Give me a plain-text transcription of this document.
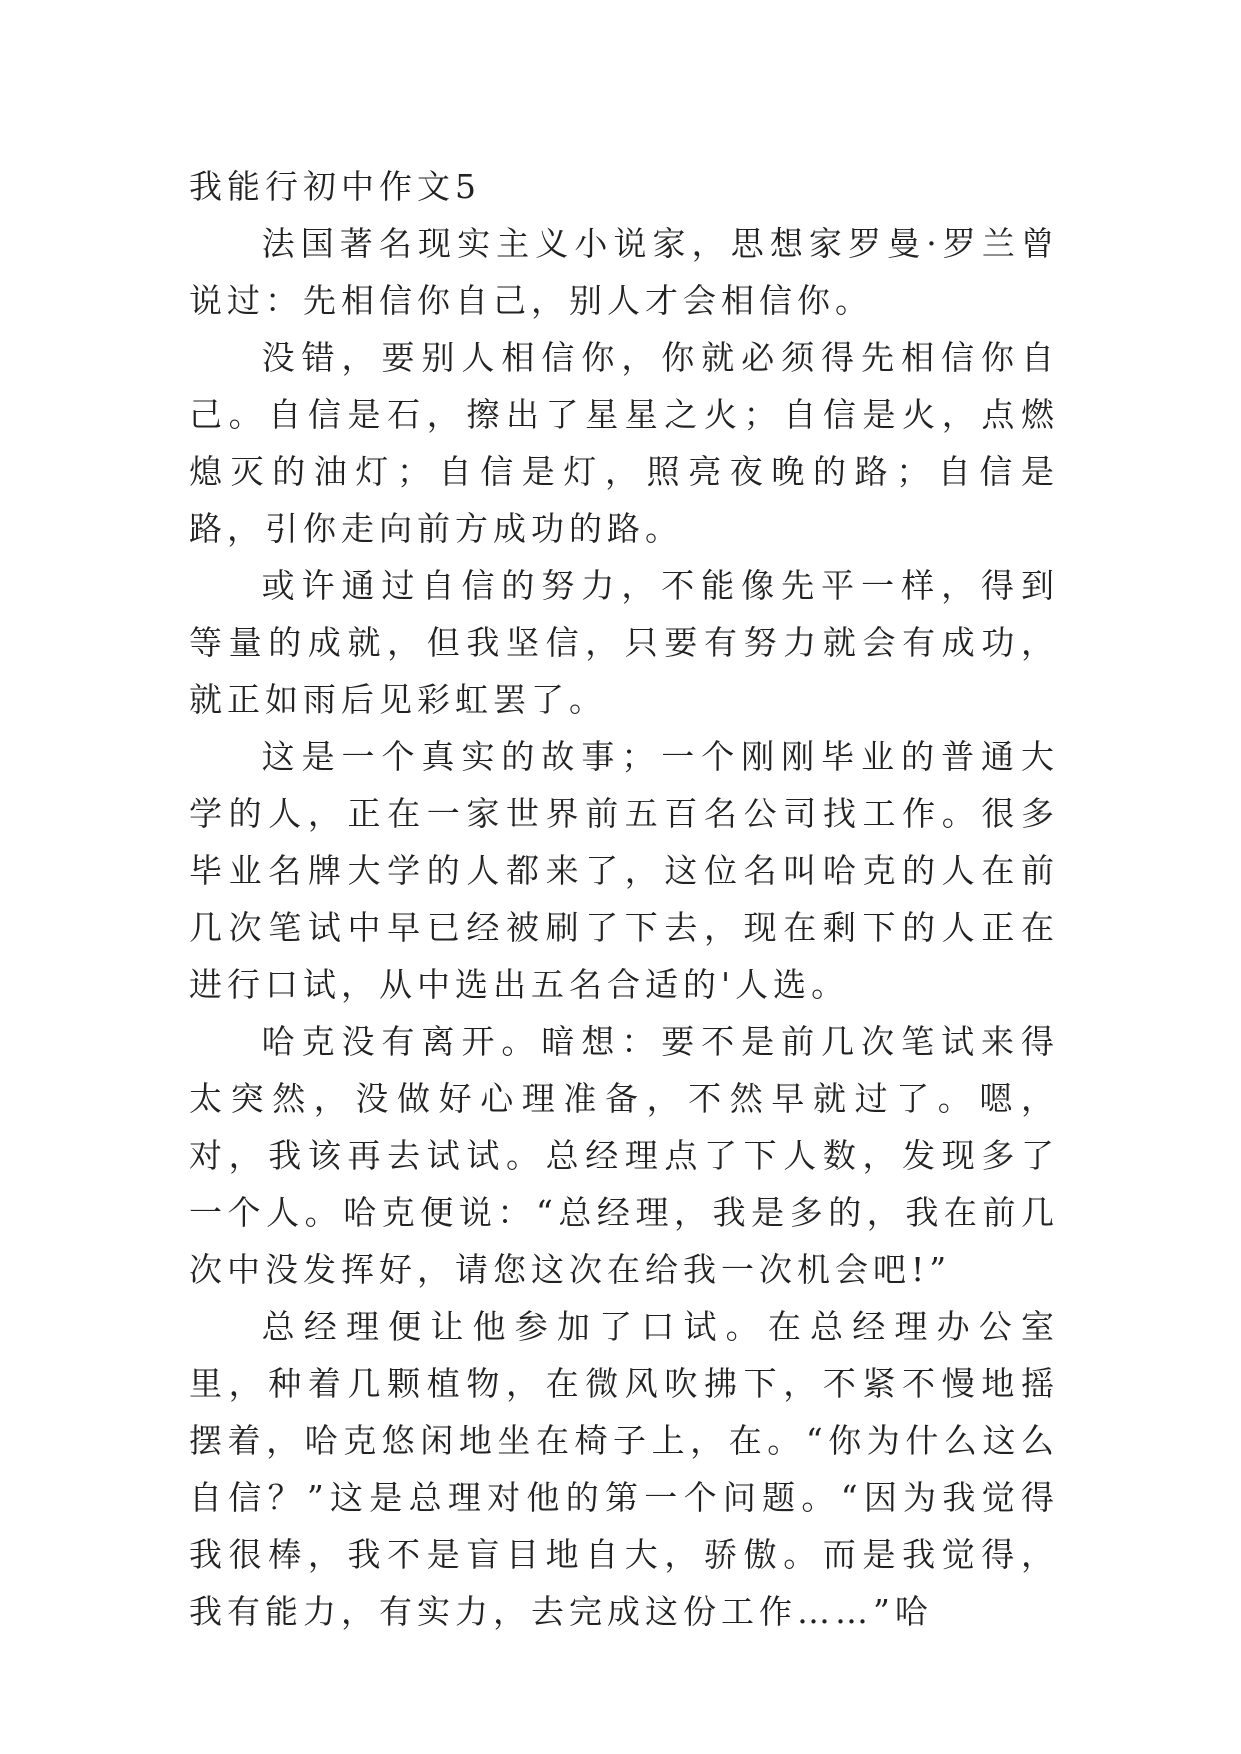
我能行初中作文5

法国著名现实主义小说家，思想家罗曼·罗兰曾说过：先相信你自己，别人才会相信你。

没错，要别人相信你，你就必须得先相信你自己。自信是石，擦出了星星之火；自信是火，点燃熄灭的油灯；自信是灯，照亮夜晚的路；自信是路，引你走向前方成功的路。

或许通过自信的努力，不能像先平一样，得到等量的成就，但我坚信，只要有努力就会有成功，就正如雨后见彩虹罢了。

这是一个真实的故事；一个刚刚毕业的普通大学的人，正在一家世界前五百名公司找工作。很多毕业名牌大学的人都来了，这位名叫哈克的人在前几次笔试中早已经被刷了下去，现在剩下的人正在进行口试，从中选出五名合适的'人选。

哈克没有离开。暗想：要不是前几次笔试来得太突然，没做好心理准备，不然早就过了。嗯，对，我该再去试试。总经理点了下人数，发现多了一个人。哈克便说：“总经理，我是多的，我在前几次中没发挥好，请您这次在给我一次机会吧!”

总经理便让他参加了口试。在总经理办公室里，种着几颗植物，在微风吹拂下，不紧不慢地摇摆着，哈克悠闲地坐在椅子上，在。“你为什么这么自信？”这是总理对他的第一个问题。“因为我觉得我很棒，我不是盲目地自大，骄傲。而是我觉得，我有能力，有实力，去完成这份工作……”哈
